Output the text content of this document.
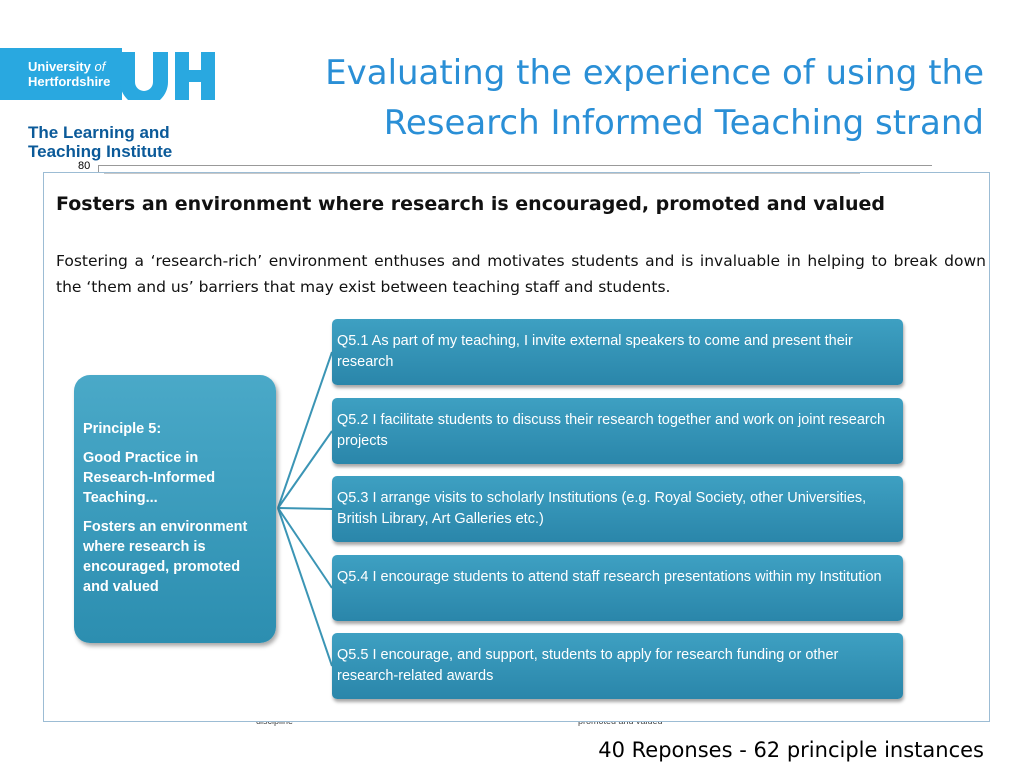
University of
Hertfordshire
The Learning and
Teaching Institute
Evaluating the experience of using the
Research Informed Teaching strand
80
Fosters an environment where research is encouraged, promoted and valued
Fostering a ‘research-rich’ environment enthuses and motivates students and is invaluable in helping to break down the ‘them and us’ barriers that may exist between teaching staff and students.

Principle 5:

Good Practice in Research-Informed Teaching...

Fosters an environment where research is encouraged, promoted and valued

Q5.1 As part of my teaching, I invite external speakers to come and present their research
Q5.2 I facilitate students to discuss their research together and work on joint research projects
Q5.3 I arrange visits to scholarly Institutions (e.g. Royal Society, other Universities, British Library, Art Galleries etc.)
Q5.4 I encourage students to attend staff research presentations within my Institution
Q5.5 I encourage, and support, students to apply for research funding or other research-related awards
40 Reponses - 62 principle instances
